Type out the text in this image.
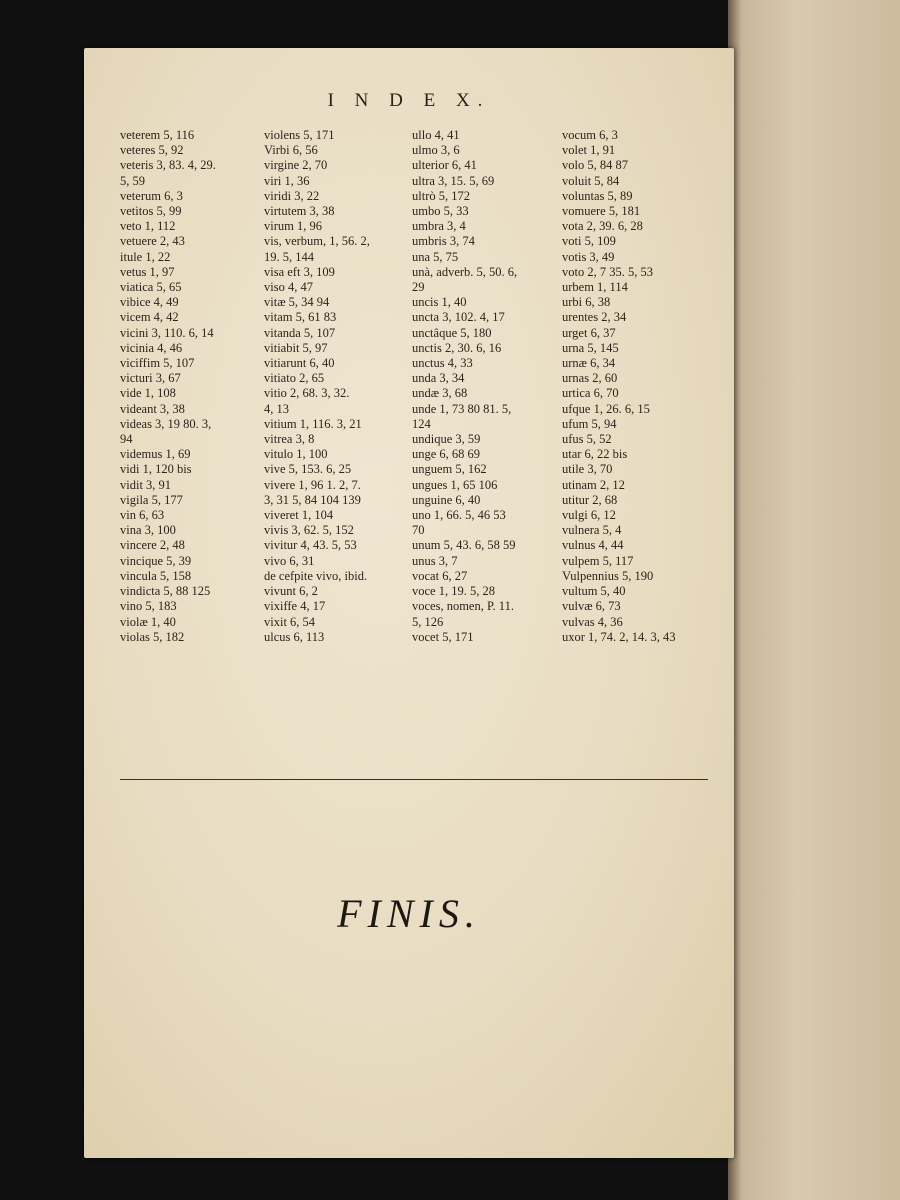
I N D E X.
veterem 5, 116
veteres 5, 92
veteris 3, 83. 4, 29.
5, 59
veterum 6, 3
vetitos 5, 99
veto 1, 112
vetuere 2, 43
itule 1, 22
vetus 1, 97
viatica 5, 65
vibice 4, 49
vicem 4, 42
vicini 3, 110. 6, 14
vicinia 4, 46
viciffim 5, 107
victuri 3, 67
vide 1, 108
videant 3, 38
videas 3, 19 80. 3,
94
videmus 1, 69
vidi 1, 120 bis
vidit 3, 91
vigila 5, 177
vin 6, 63
vina 3, 100
vincere 2, 48
vincique 5, 39
vincula 5, 158
vindicta 5, 88 125
vino 5, 183
violæ 1, 40
violas 5, 182
violens 5, 171
Virbi 6, 56
virgine 2, 70
viri 1, 36
viridi 3, 22
virtutem 3, 38
virum 1, 96
vis, verbum, 1, 56. 2,
19. 5, 144
visa eft 3, 109
viso 4, 47
vitæ 5, 34 94
vitam 5, 61 83
vitanda 5, 107
vitiabit 5, 97
vitiarunt 6, 40
vitiato 2, 65
vitio 2, 68. 3, 32.
4, 13
vitium 1, 116. 3, 21
vitrea 3, 8
vitulo 1, 100
vive 5, 153. 6, 25
vivere 1, 96 1. 2, 7.
3, 31 5, 84 104 139
viveret 1, 104
vivis 3, 62. 5, 152
vivitur 4, 43. 5, 53
vivo 6, 31
de cefpite vivo, ibid.
vivunt 6, 2
vixiffe 4, 17
vixit 6, 54
ulcus 6, 113
ullo 4, 41
ulmo 3, 6
ulterior 6, 41
ultra 3, 15. 5, 69
ultrò 5, 172
umbo 5, 33
umbra 3, 4
umbris 3, 74
una 5, 75
unà, adverb. 5, 50. 6,
29
uncis 1, 40
uncta 3, 102. 4, 17
unctâque 5, 180
unctis 2, 30. 6, 16
unctus 4, 33
unda 3, 34
undæ 3, 68
unde 1, 73 80 81. 5,
124
undique 3, 59
unge 6, 68 69
unguem 5, 162
ungues 1, 65 106
unguine 6, 40
uno 1, 66. 5, 46 53
70
unum 5, 43. 6, 58 59
unus 3, 7
vocat 6, 27
voce 1, 19. 5, 28
voces, nomen, P. 11.
5, 126
vocet 5, 171
vocum 6, 3
volet 1, 91
volo 5, 84 87
voluit 5, 84
voluntas 5, 89
vomuere 5, 181
vota 2, 39. 6, 28
voti 5, 109
votis 3, 49
voto 2, 7 35. 5, 53
urbem 1, 114
urbi 6, 38
urentes 2, 34
urget 6, 37
urna 5, 145
urnæ 6, 34
urnas 2, 60
urtica 6, 70
ufque 1, 26. 6, 15
ufum 5, 94
ufus 5, 52
utar 6, 22 bis
utile 3, 70
utinam 2, 12
utitur 2, 68
vulgi 6, 12
vulnera 5, 4
vulnus 4, 44
vulpem 5, 117
Vulpennius 5, 190
vultum 5, 40
vulvæ 6, 73
vulvas 4, 36
uxor 1, 74. 2, 14. 3, 43
FINIS.
